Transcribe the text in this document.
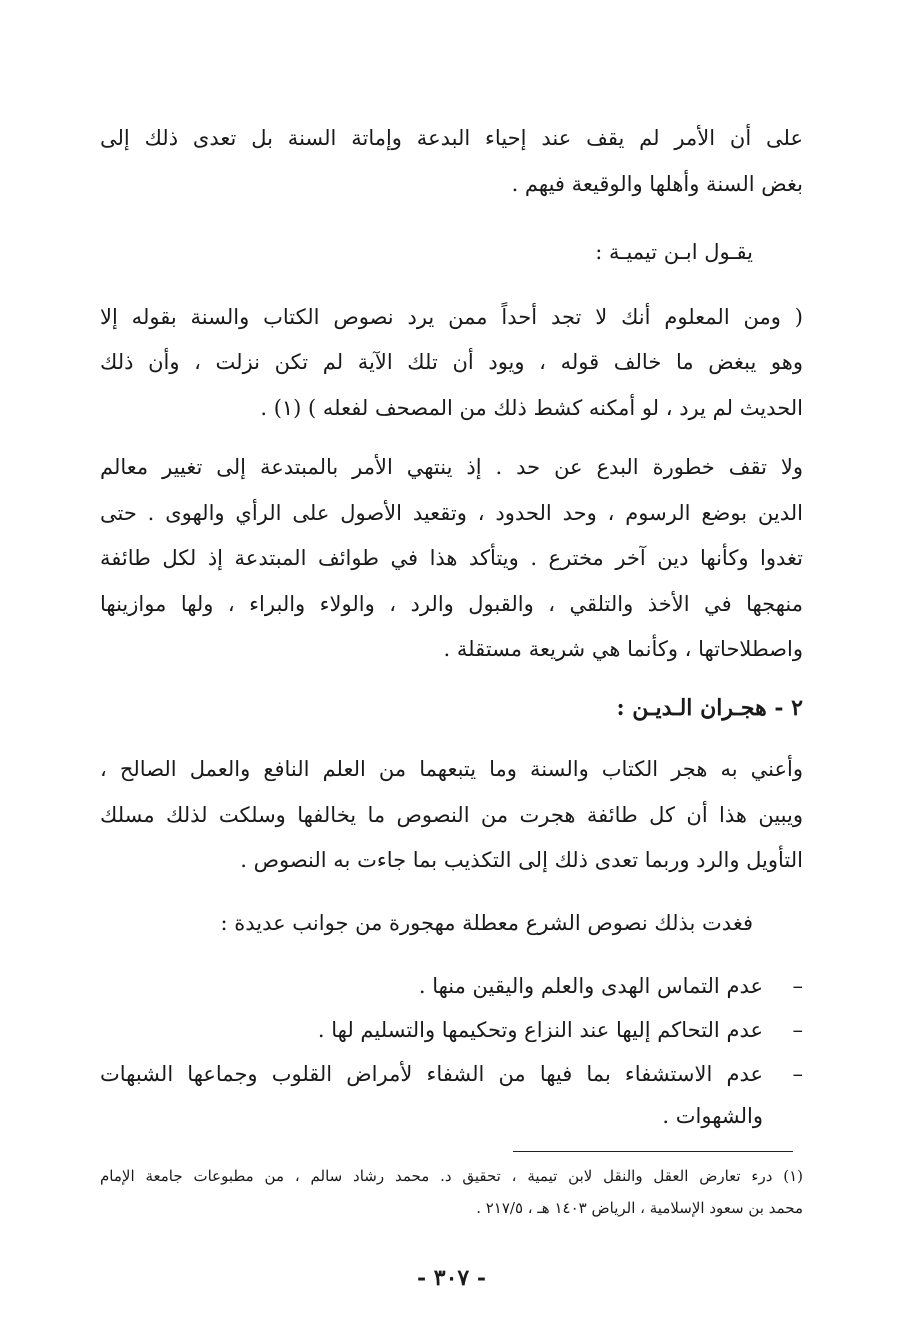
على أن الأمر لم يقف عند إحياء البدعة وإماتة السنة بل تعدى ذلك إلى
بغض السنة وأهلها والوقيعة فيهم .
يقـول ابـن تيميـة :
( ومن المعلوم أنك لا تجد أحداً ممن يرد نصوص الكتاب والسنة بقوله إلا
وهو يبغض ما خالف قوله ، ويود أن تلك الآية لم تكن نزلت ، وأن ذلك
الحديث لم يرد ، لو أمكنه كشط ذلك من المصحف لفعله ) (١) .
ولا تقف خطورة البدع عن حد . إذ ينتهي الأمر بالمبتدعة إلى تغيير معالم
الدين بوضع الرسوم ، وحد الحدود ، وتقعيد الأصول على الرأي والهوى . حتى
تغدوا وكأنها دين آخر مخترع . ويتأكد هذا في طوائف المبتدعة إذ لكل طائفة
منهجها في الأخذ والتلقي ، والقبول والرد ، والولاء والبراء ، ولها موازينها
واصطلاحاتها ، وكأنما هي شريعة مستقلة .
٢ - هجـران الـديـن :
وأعني به هجر الكتاب والسنة وما يتبعهما من العلم النافع والعمل الصالح ،
ويبين هذا أن كل طائفة هجرت من النصوص ما يخالفها وسلكت لذلك مسلك
التأويل والرد وربما تعدى ذلك إلى التكذيب بما جاءت به النصوص .
فغدت بذلك نصوص الشرع معطلة مهجورة من جوانب عديدة :
–
عدم التماس الهدى والعلم واليقين منها .
–
عدم التحاكم إليها عند النزاع وتحكيمها والتسليم لها .
–
عدم الاستشفاء بما فيها من الشفاء لأمراض القلوب وجماعها الشبهات
والشهوات .
(١) درء تعارض العقل والنقل لابن تيمية ، تحقيق د. محمد رشاد سالم ، من مطبوعات جامعة الإمام
محمد بن سعود الإسلامية ، الرياض ١٤٠٣ هـ ، ٢١٧/٥ .
- ٣٠٧ -
